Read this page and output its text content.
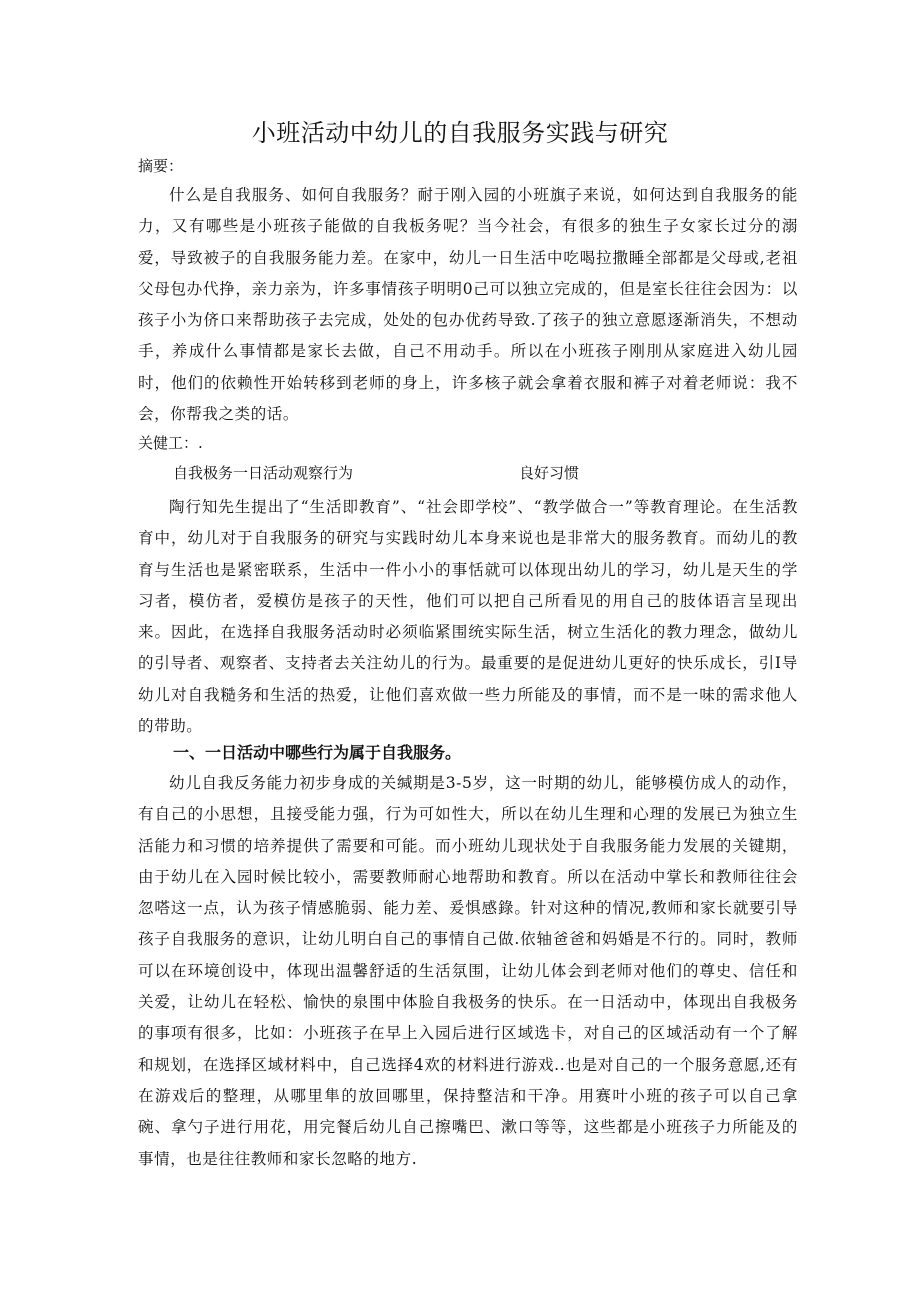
小班活动中幼儿的自我服务实践与研究
摘要：

什么是自我服务、如何自我服务？耐于刚入园的小班旗子来说，如何达到自我服务的能力，又有哪些是小班孩子能做的自我板务呢？当今社会，有很多的独生子女家长过分的溺爱，导致被子的自我服务能力差。在家中，幼儿一日生活中吃喝拉撒睡全部都是父母或,老祖父母包办代挣，亲力亲为，许多事情孩子明明0己可以独立完成的，但是室长往往会因为：以孩子小为侪口来帮助孩子去完成，处处的包办优药导致.了孩子的独立意愿逐渐消失，不想动手，养成什么事情都是家长去做，自己不用动手。所以在小班孩子刚刖从家庭进入幼儿园时，他们的依赖性开始转移到老师的身上，许多核子就会拿着衣服和裤子对着老师说：我不会，你帮我之类的话。

关健工：.
自我极务一日活动观察行为	良好习惯

陶行知先生提出了“生活即教育”、“社会即学校”、“教学做合一”等教育理论。在生活教育中，幼儿对于自我服务的研究与实践时幼儿本身来说也是非常大的服务教育。而幼儿的教育与生活也是紧密联系，生活中一件小小的事恬就可以体现出幼儿的学习，幼儿是天生的学习者，模仿者，爱模仿是孩子的天性，他们可以把自己所看见的用自己的肢体语言呈现出来。因此，在选择自我服务活动时必须临紧围统实际生活，树立生活化的教力理念，做幼儿的引导者、观察者、支持者去关注幼儿的行为。最重要的是促进幼儿更好的快乐成长，引I导幼儿对自我糙务和生活的热爱，让他们喜欢做一些力所能及的事情，而不是一味的需求他人的带助。

一、一日活动中哪些行为属于自我服务。

幼儿自我反务能力初步身成的关缄期是3-5岁，这一时期的幼儿，能够模仿成人的动作，有自己的小思想，且接受能力强，行为可如性大，所以在幼儿生理和心理的发展已为独立生活能力和习惯的培养提供了需要和可能。而小班幼儿现状处于自我服务能力发展的关键期，由于幼儿在入园时候比较小，需要教师耐心地帮助和教育。所以在活动中掌长和教师往往会忽嗒这一点，认为孩子情感脆弱、能力差、爰惧感錄。针对这种的情况,教师和家长就要引导孩子自我服务的意识，让幼儿明白自己的事情自己做.依轴爸爸和妈婚是不行的。同时，教师可以在环境创设中，体现出温馨舒适的生活氛围，让幼儿体会到老师对他们的尊史、信任和关爱，让幼儿在轻松、愉快的泉围中体脸自我极务的快乐。在一日活动中，体现出自我极务的事项有很多，比如：小班孩子在早上入园后进行区域选卡，对自己的区域活动有一个了解和规划，在选择区域材料中，自己选择4欢的材料进行游戏..也是对自己的一个服务意愿,还有在游戏后的整理，从哪里隼的放回哪里，保持整洁和干净。用赛叶小班的孩子可以自己拿碗、拿勺子进行用花，用完餐后幼儿自己擦嘴巴、漱口等等，这些都是小班孩子力所能及的事情，也是往往教师和家长忽略的地方.
